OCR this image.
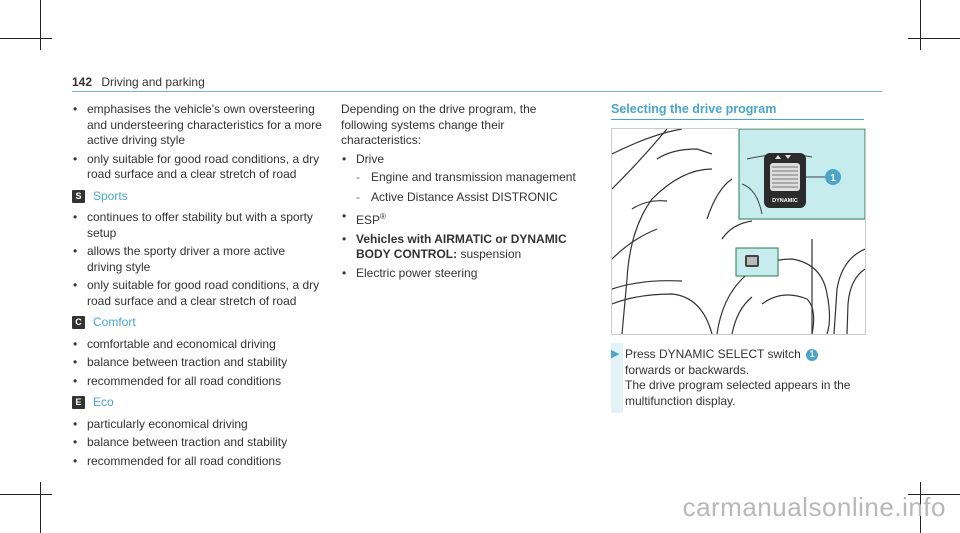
142 Driving and parking
• emphasises the vehicle's own oversteering and understeering characteristics for a more active driving style
• only suitable for good road conditions, a dry road surface and a clear stretch of road
S Sports
• continues to offer stability but with a sporty setup
• allows the sporty driver a more active driving style
• only suitable for good road conditions, a dry road surface and a clear stretch of road
C Comfort
• comfortable and economical driving
• balance between traction and stability
• recommended for all road conditions
E Eco
• particularly economical driving
• balance between traction and stability
• recommended for all road conditions
Depending on the drive program, the following systems change their characteristics:
• Drive
- Engine and transmission management
- Active Distance Assist DISTRONIC
• ESP®
• Vehicles with AIRMATIC or DYNAMIC BODY CONTROL: suspension
• Electric power steering
Selecting the drive program
DYNAMIC
1
▶ Press DYNAMIC SELECT switch 1 forwards or backwards.
The drive program selected appears in the multifunction display.
carmanualsonline.info
